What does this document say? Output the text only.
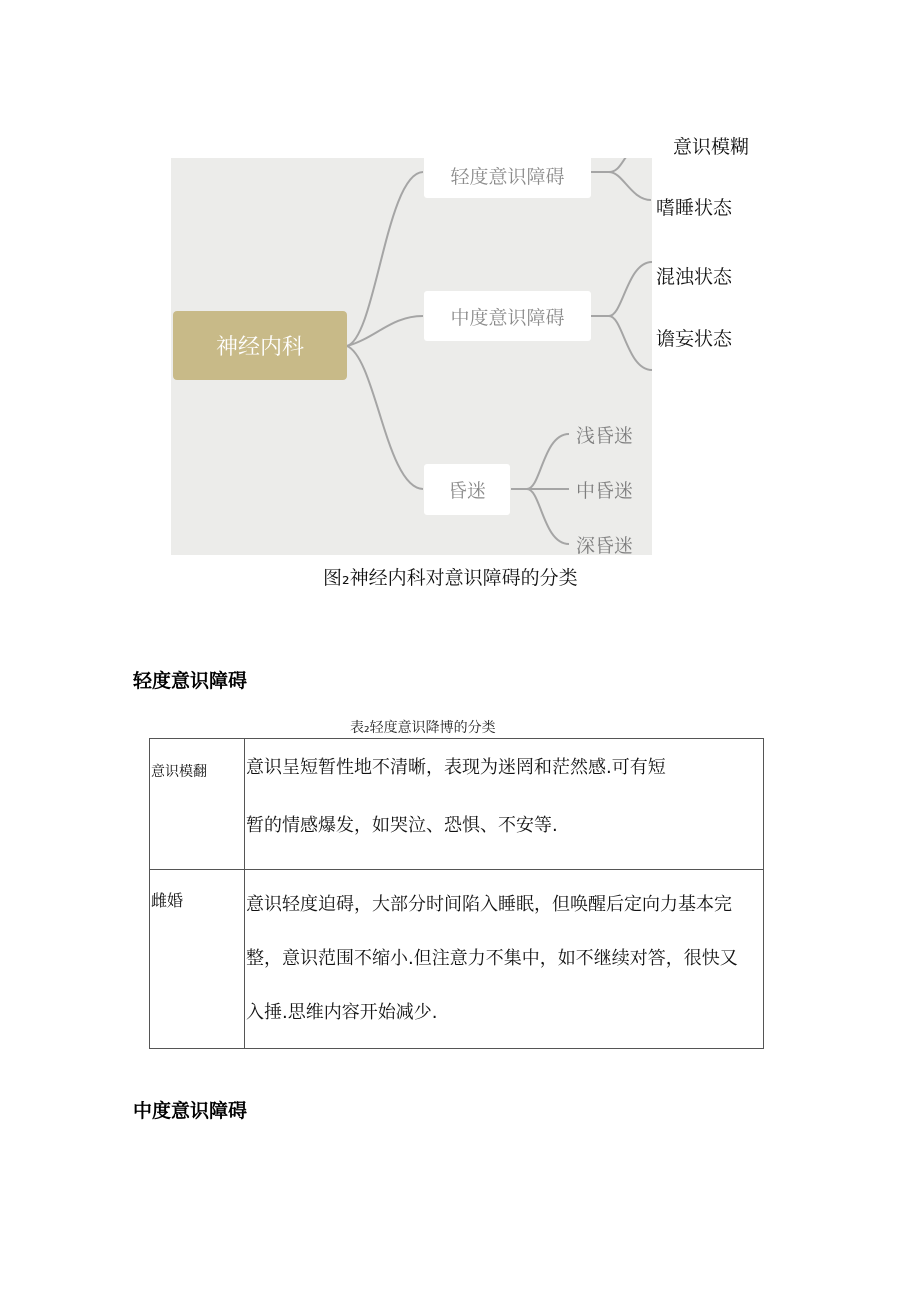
神经内科
轻度意识障碍
中度意识障碍
昏迷
浅昏迷
中昏迷
深昏迷
意识模糊
嗜睡状态
混浊状态
谵妄状态
图₂神经内科对意识障碍的分类
轻度意识障碍
表₂轻度意识降博的分类
意识模翻	意识呈短暂性地不清晰，表现为迷罔和茫然感.可有短
暂的情感爆发，如哭泣、恐惧、不安等.

雌婚	意识轻度迫碍，大部分时间陷入睡眠，但唤醒后定向力基本完
整，意识范围不缩小.但注意力不集中，如不继续对答，很快又
入捶.思维内容开始减少.
中度意识障碍
